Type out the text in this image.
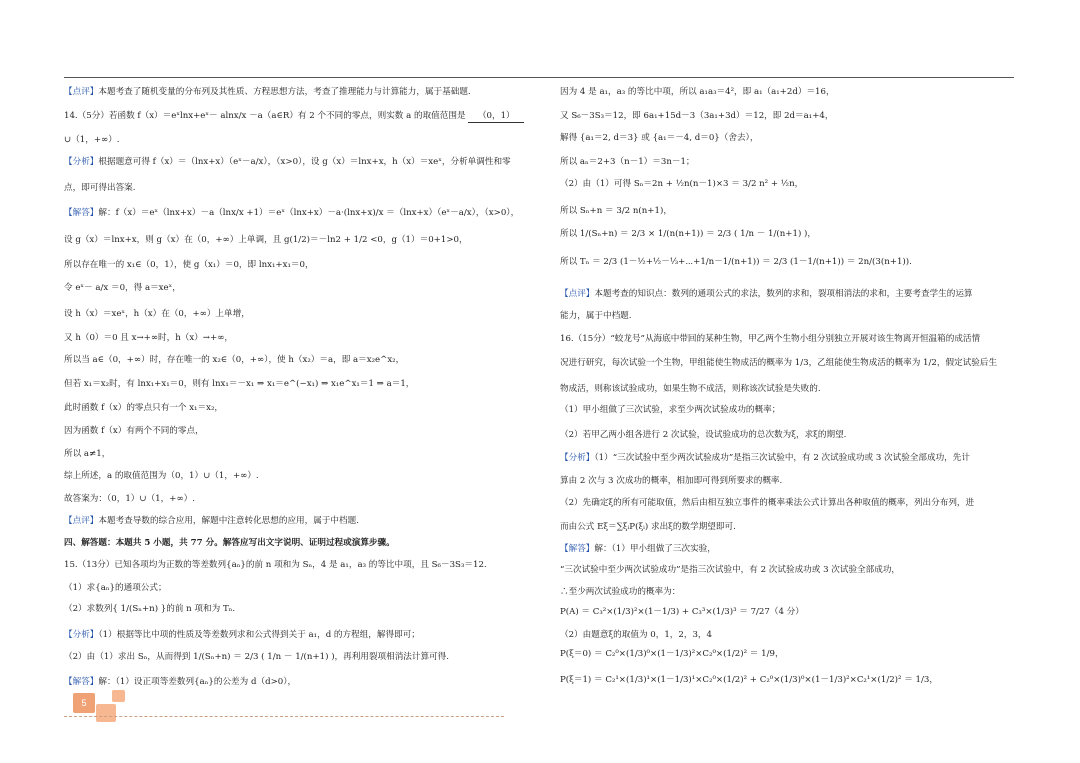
【点评】本题考查了随机变量的分布列及其性质、方程思想方法，考查了推理能力与计算能力，属于基础题.
14.（5分）若函数 f（x）＝eˣlnx+eˣ－ alnx/x －a（a∈R）有 2 个不同的零点，则实数 a 的取值范围是 （0，1）
∪（1，+∞）.
【分析】根据题意可得 f（x）＝（lnx+x）（eˣ－a/x），（x>0），设 g（x）＝lnx+x，h（x）＝xeˣ，分析单调性和零
点，即可得出答案.
【解答】解：f（x）＝eˣ（lnx+x）－a（lnx/x +1）＝eˣ（lnx+x）－a·(lnx+x)/x ＝（lnx+x）（eˣ－a/x），（x>0），
设 g（x）＝lnx+x，则 g（x）在（0，+∞）上单调，且 g(1/2)＝－ln2 + 1/2 <0，g（1）＝0+1>0，
所以存在唯一的 x₁∈（0，1），使 g（x₁）＝0，即 lnx₁+x₁＝0，
令 eˣ－ a/x ＝0，得 a＝xeˣ，
设 h（x）＝xeˣ，h（x）在（0，+∞）上单增，
又 h（0）＝0 且 x→+∞时，h（x）→+∞，
所以当 a∈（0，+∞）时，存在唯一的 x₂∈（0，+∞），使 h（x₂）＝a，即 a＝x₂e^x₂，
但若 x₁＝x₂时，有 lnx₁+x₁＝0，则有 lnx₁＝－x₁ ⇒ x₁＝e^(−x₁) ⇒ x₁e^x₁＝1 ⇒ a＝1，
此时函数 f（x）的零点只有一个 x₁＝x₂，
因为函数 f（x）有两个不同的零点，
所以 a≠1，
综上所述，a 的取值范围为（0，1）∪（1，+∞）.
故答案为：（0，1）∪（1，+∞）.
【点评】本题考查导数的综合应用，解题中注意转化思想的应用，属于中档题.
四、解答题：本题共 5 小题，共 77 分。解答应写出文字说明、证明过程或演算步骤。
15.（13分）已知各项均为正数的等差数列{aₙ}的前 n 项和为 Sₙ，4 是 a₁，a₃ 的等比中项，且 S₆－3S₃＝12.
（1）求{aₙ}的通项公式；
（2）求数列{ 1/(Sₙ+n) }的前 n 项和为 Tₙ.
【分析】（1）根据等比中项的性质及等差数列求和公式得到关于 a₁，d 的方程组，解得即可；
（2）由（1）求出 Sₙ，从而得到 1/(Sₙ+n) ＝ 2/3 ( 1/n － 1/(n+1) )，再利用裂项相消法计算可得.
【解答】解：（1）设正项等差数列{aₙ}的公差为 d（d>0），
因为 4 是 a₁，a₃ 的等比中项，所以 a₁a₃＝4²，即 a₁（a₁+2d）＝16，
又 S₆－3S₃＝12，即 6a₁+15d－3（3a₁+3d）＝12，即 2d＝a₁+4，
解得 {a₁＝2, d＝3} 或 {a₁＝－4, d＝0}（舍去），
所以 aₙ＝2+3（n－1）＝3n－1；
（2）由（1）可得 Sₙ＝2n + ½n(n－1)×3 ＝ 3/2 n² + ½n，
所以 Sₙ+n ＝ 3/2 n(n+1)，
所以 1/(Sₙ+n) ＝ 2/3 × 1/(n(n+1)) ＝ 2/3 ( 1/n － 1/(n+1) )，
所以 Tₙ ＝ 2/3 (1－½+½－⅓+⋯+1/n－1/(n+1)) ＝ 2/3 (1－1/(n+1)) ＝ 2n/(3(n+1)).
【点评】本题考查的知识点：数列的通项公式的求法，数列的求和，裂项相消法的求和，主要考查学生的运算
能力，属于中档题.
16.（15分）“蛟龙号”从海底中带回的某种生物，甲乙两个生物小组分别独立开展对该生物离开恒温箱的成活情
况进行研究，每次试验一个生物，甲组能使生物成活的概率为 1/3，乙组能使生物成活的概率为 1/2，假定试验后生
物成活，则称该试验成功，如果生物不成活，则称该次试验是失败的.
（1）甲小组做了三次试验，求至少两次试验成功的概率；
（2）若甲乙两小组各进行 2 次试验，设试验成功的总次数为ξ，求ξ的期望.
【分析】（1）“三次试验中至少两次试验成功”是指三次试验中，有 2 次试验成功或 3 次试验全部成功，先计
算由 2 次与 3 次成功的概率，相加即可得到所要求的概率.
（2）先确定ξ的所有可能取值，然后由相互独立事件的概率乘法公式计算出各种取值的概率，列出分布列，进
而由公式 Eξ＝∑ξᵢP(ξᵢ) 求出ξ的数学期望即可.
【解答】解：（1）甲小组做了三次实验，
“三次试验中至少两次试验成功”是指三次试验中，有 2 次试验成功或 3 次试验全部成功，
∴至少两次试验成功的概率为：
P(A) ＝ C₃²×(1/3)²×(1－1/3) + C₃³×(1/3)³ ＝ 7/27（4 分）
（2）由题意ξ的取值为 0，1，2，3，4
P(ξ＝0) ＝ C₂⁰×(1/3)⁰×(1－1/3)²×C₂⁰×(1/2)² ＝ 1/9，
P(ξ＝1) ＝ C₂¹×(1/3)¹×(1－1/3)¹×C₂⁰×(1/2)² + C₂⁰×(1/3)⁰×(1－1/3)²×C₂¹×(1/2)² ＝ 1/3，
5
